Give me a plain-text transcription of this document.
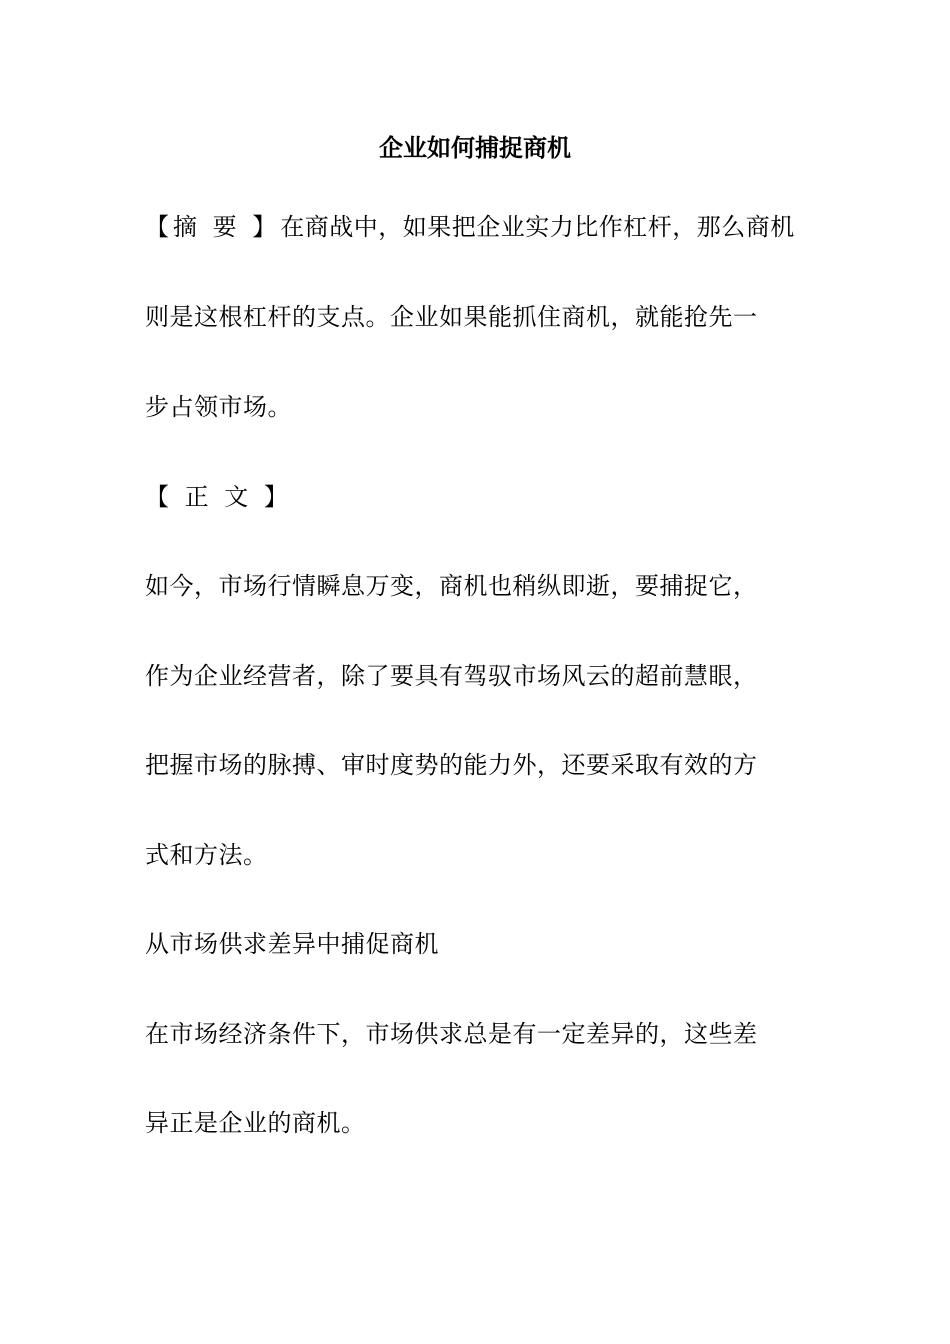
企业如何捕捉商机
【摘 要 】在商战中，如果把企业实力比作杠杆，那么商机
则是这根杠杆的支点。企业如果能抓住商机，就能抢先一
步占领市场。
【 正 文 】
如今，市场行情瞬息万变，商机也稍纵即逝，要捕捉它，
作为企业经营者，除了要具有驾驭市场风云的超前慧眼，
把握市场的脉搏、审时度势的能力外，还要采取有效的方
式和方法。
从市场供求差异中捕促商机
在市场经济条件下，市场供求总是有一定差异的，这些差
异正是企业的商机。
